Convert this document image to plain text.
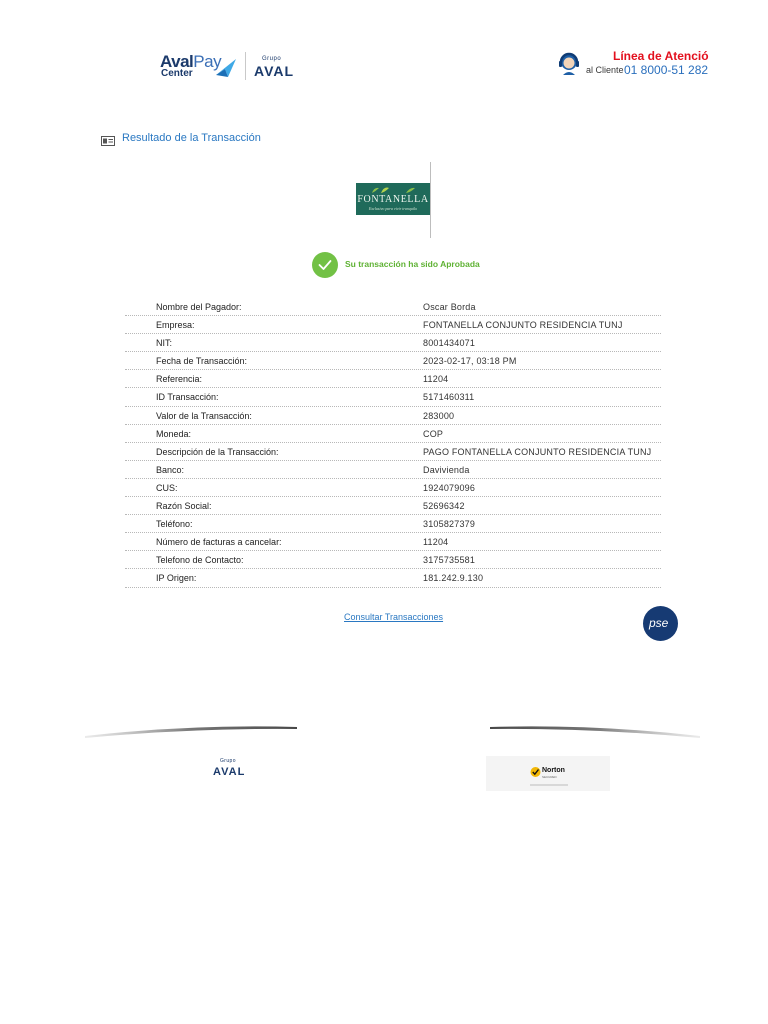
AvalPay
Center
Grupo
AVAL
Línea de Atenció
al Cliente 01 8000-51 282
Resultado de la Transacción
FONTANELLA
Exclusivo para vivir tranquilo
Su transacción ha sido Aprobada
Nombre del Pagador:	Oscar Borda
Empresa:	FONTANELLA CONJUNTO RESIDENCIA TUNJ
NIT:	8001434071
Fecha de Transacción:	2023-02-17, 03:18 PM
Referencia:	11204
ID Transacción:	5171460311
Valor de la Transacción:	283000
Moneda:	COP
Descripción de la Transacción:	PAGO FONTANELLA CONJUNTO RESIDENCIA TUNJ
Banco:	Davivienda
CUS:	1924079096
Razón Social:	52696342
Teléfono:	3105827379
Número de facturas a cancelar:	11204
Telefono de Contacto:	3175735581
IP Origen:	181.242.9.130
Consultar Transacciones	pse
Grupo
AVAL	Norton
SECURED
